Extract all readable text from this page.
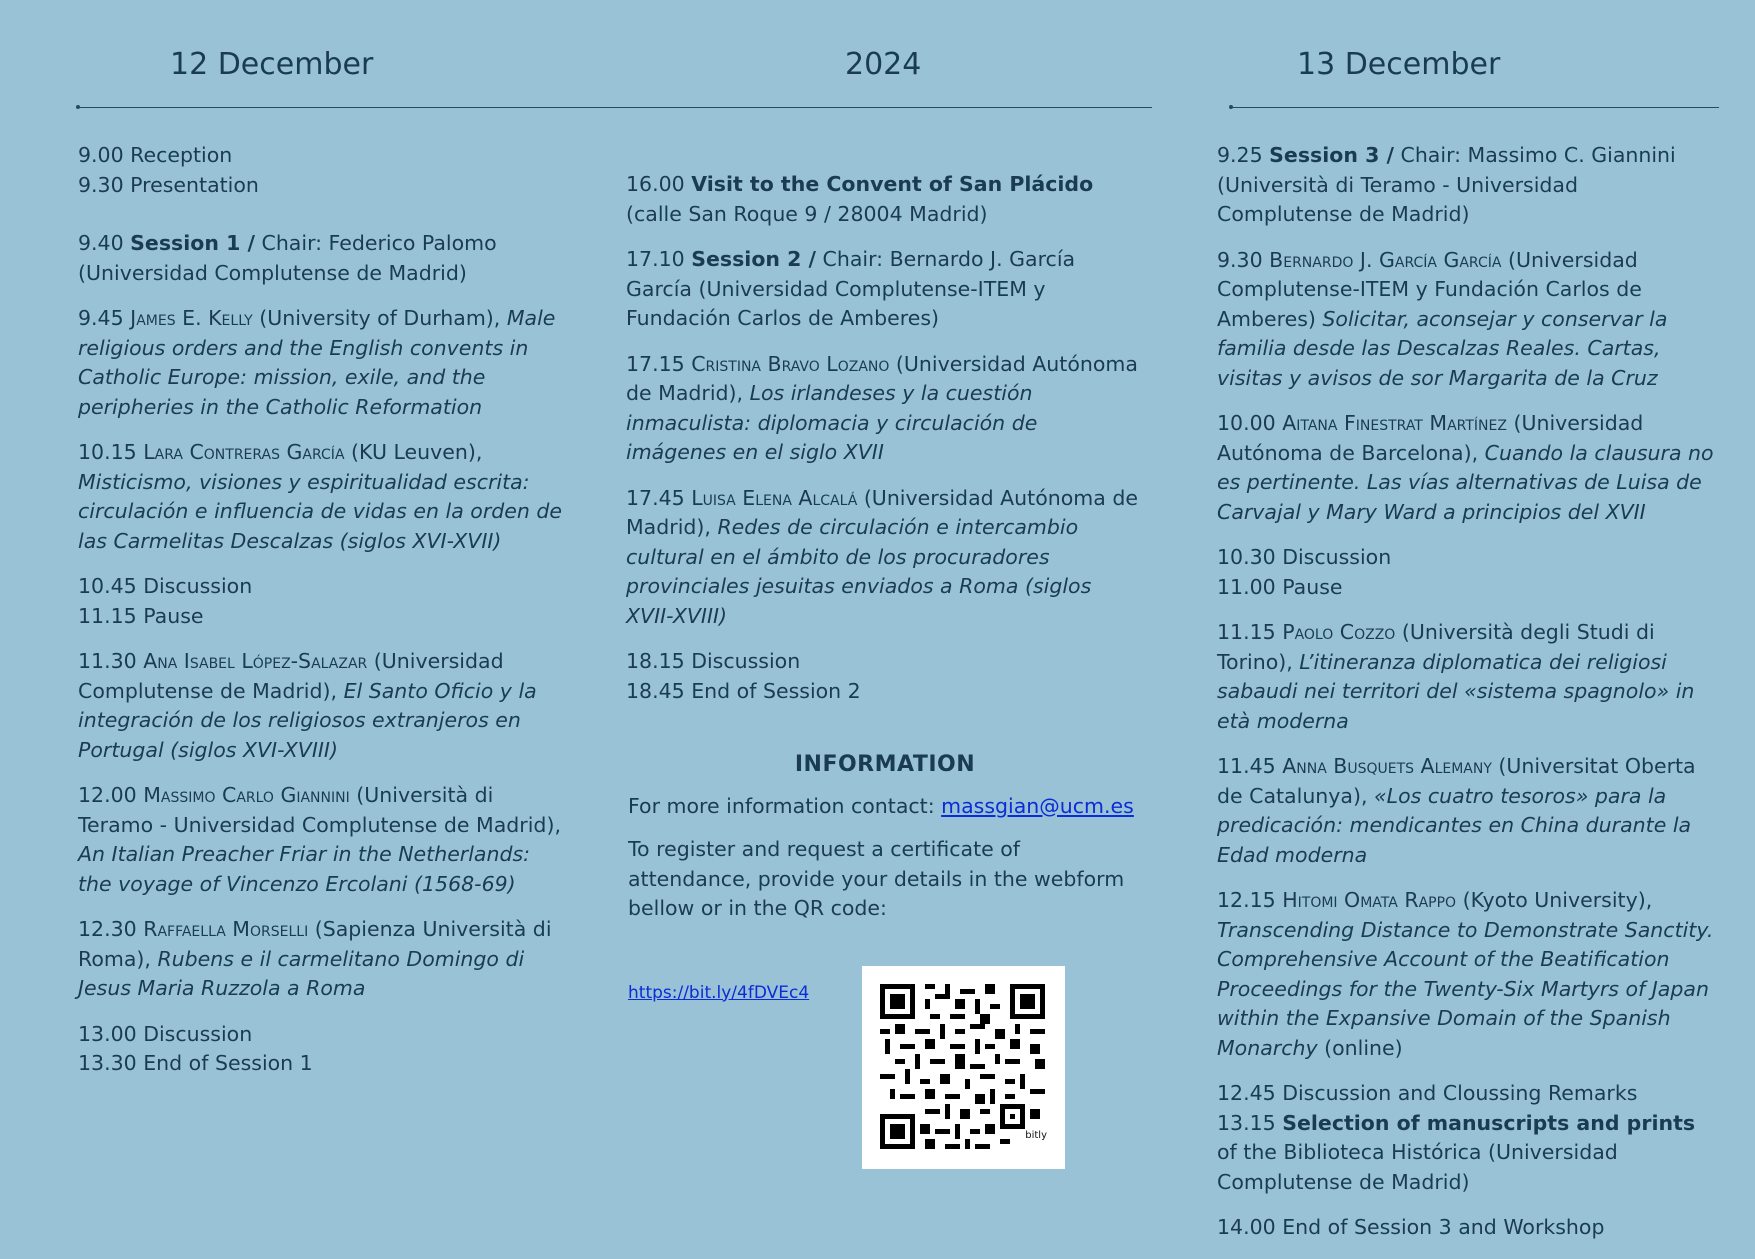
12 December	2024	13 December

9.00 Reception
9.30 Presentation

9.40 Session 1 / Chair: Federico Palomo (Universidad Complutense de Madrid)

9.45 James E. Kelly (University of Durham), Male religious orders and the English convents in Catholic Europe: mission, exile, and the peripheries in the Catholic Reformation

10.15 Lara Contreras García (KU Leuven), Misticismo, visiones y espiritualidad escrita: circulación e influencia de vidas en la orden de las Carmelitas Descalzas (siglos XVI-XVII)

10.45 Discussion
11.15 Pause

11.30 Ana Isabel López-Salazar (Universidad Complutense de Madrid), El Santo Oficio y la integración de los religiosos extranjeros en Portugal (siglos XVI-XVIII)

12.00 Massimo Carlo Giannini (Università di Teramo - Universidad Complutense de Madrid), An Italian Preacher Friar in the Netherlands: the voyage of Vincenzo Ercolani (1568-69)

12.30 Raffaella Morselli (Sapienza Università di Roma), Rubens e il carmelitano Domingo di Jesus Maria Ruzzola a Roma

13.00 Discussion
13.30 End of Session 1

16.00 Visit to the Convent of San Plácido
(calle San Roque 9 / 28004 Madrid)

17.10 Session 2 / Chair: Bernardo J. García García (Universidad Complutense-ITEM y Fundación Carlos de Amberes)

17.15 Cristina Bravo Lozano (Universidad Autónoma de Madrid), Los irlandeses y la cuestión inmaculista: diplomacia y circulación de imágenes en el siglo XVII

17.45 Luisa Elena Alcalá (Universidad Autónoma de Madrid), Redes de circulación e intercambio cultural en el ámbito de los procuradores provinciales jesuitas enviados a Roma (siglos XVII-XVIII)

18.15 Discussion
18.45 End of Session 2

INFORMATION

For more information contact: massgian@ucm.es

To register and request a certificate of attendance, provide your details in the webform bellow or in the QR code:

https://bit.ly/4fDVEc4
bitly

9.25 Session 3 / Chair: Massimo C. Giannini (Università di Teramo - Universidad Complutense de Madrid)

9.30 Bernardo J. García García (Universidad Complutense-ITEM y Fundación Carlos de Amberes) Solicitar, aconsejar y conservar la familia desde las Descalzas Reales. Cartas, visitas y avisos de sor Margarita de la Cruz

10.00 Aitana Finestrat Martínez (Universidad Autónoma de Barcelona), Cuando la clausura no es pertinente. Las vías alternativas de Luisa de Carvajal y Mary Ward a principios del XVII

10.30 Discussion
11.00 Pause

11.15 Paolo Cozzo (Università degli Studi di Torino), L’itineranza diplomatica dei religiosi sabaudi nei territori del «sistema spagnolo» in età moderna

11.45 Anna Busquets Alemany (Universitat Oberta de Catalunya), «Los cuatro tesoros» para la predicación: mendicantes en China durante la Edad moderna

12.15 Hitomi Omata Rappo (Kyoto University), Transcending Distance to Demonstrate Sanctity. Comprehensive Account of the Beatification Proceedings for the Twenty-Six Martyrs of Japan within the Expansive Domain of the Spanish Monarchy (online)

12.45 Discussion and Cloussing Remarks
13.15 Selection of manuscripts and prints of the Biblioteca Histórica (Universidad Complutense de Madrid)

14.00 End of Session 3 and Workshop
